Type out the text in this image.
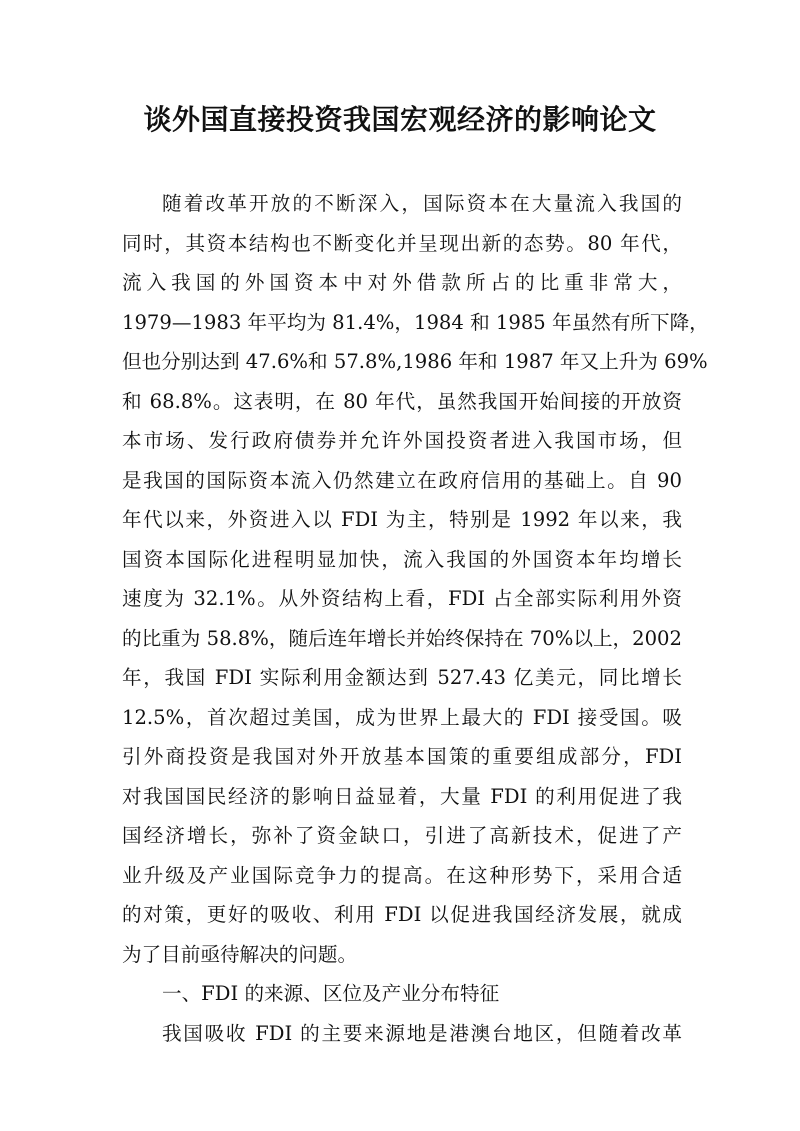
谈外国直接投资我国宏观经济的影响论文
随着改革开放的不断深入，国际资本在大量流入我国的
同时，其资本结构也不断变化并呈现出新的态势。80 年代，
流入我国的外国资本中对外借款所占的比重非常大，
1979—1983 年平均为 81.4%，1984 和 1985 年虽然有所下降，
但也分别达到 47.6%和 57.8%,1986 年和 1987 年又上升为 69%
和 68.8%。这表明，在 80 年代，虽然我国开始间接的开放资
本市场、发行政府债券并允许外国投资者进入我国市场，但
是我国的国际资本流入仍然建立在政府信用的基础上。自 90
年代以来，外资进入以 FDI 为主，特别是 1992 年以来，我
国资本国际化进程明显加快，流入我国的外国资本年均增长
速度为 32.1%。从外资结构上看，FDI 占全部实际利用外资
的比重为 58.8%，随后连年增长并始终保持在 70%以上，2002
年，我国 FDI 实际利用金额达到 527.43 亿美元，同比增长
12.5%，首次超过美国，成为世界上最大的 FDI 接受国。吸
引外商投资是我国对外开放基本国策的重要组成部分，FDI
对我国国民经济的影响日益显着，大量 FDI 的利用促进了我
国经济增长，弥补了资金缺口，引进了高新技术，促进了产
业升级及产业国际竞争力的提高。在这种形势下，采用合适
的对策，更好的吸收、利用 FDI 以促进我国经济发展，就成
为了目前亟待解决的问题。
一、FDI 的来源、区位及产业分布特征
我国吸收 FDI 的主要来源地是港澳台地区，但随着改革
